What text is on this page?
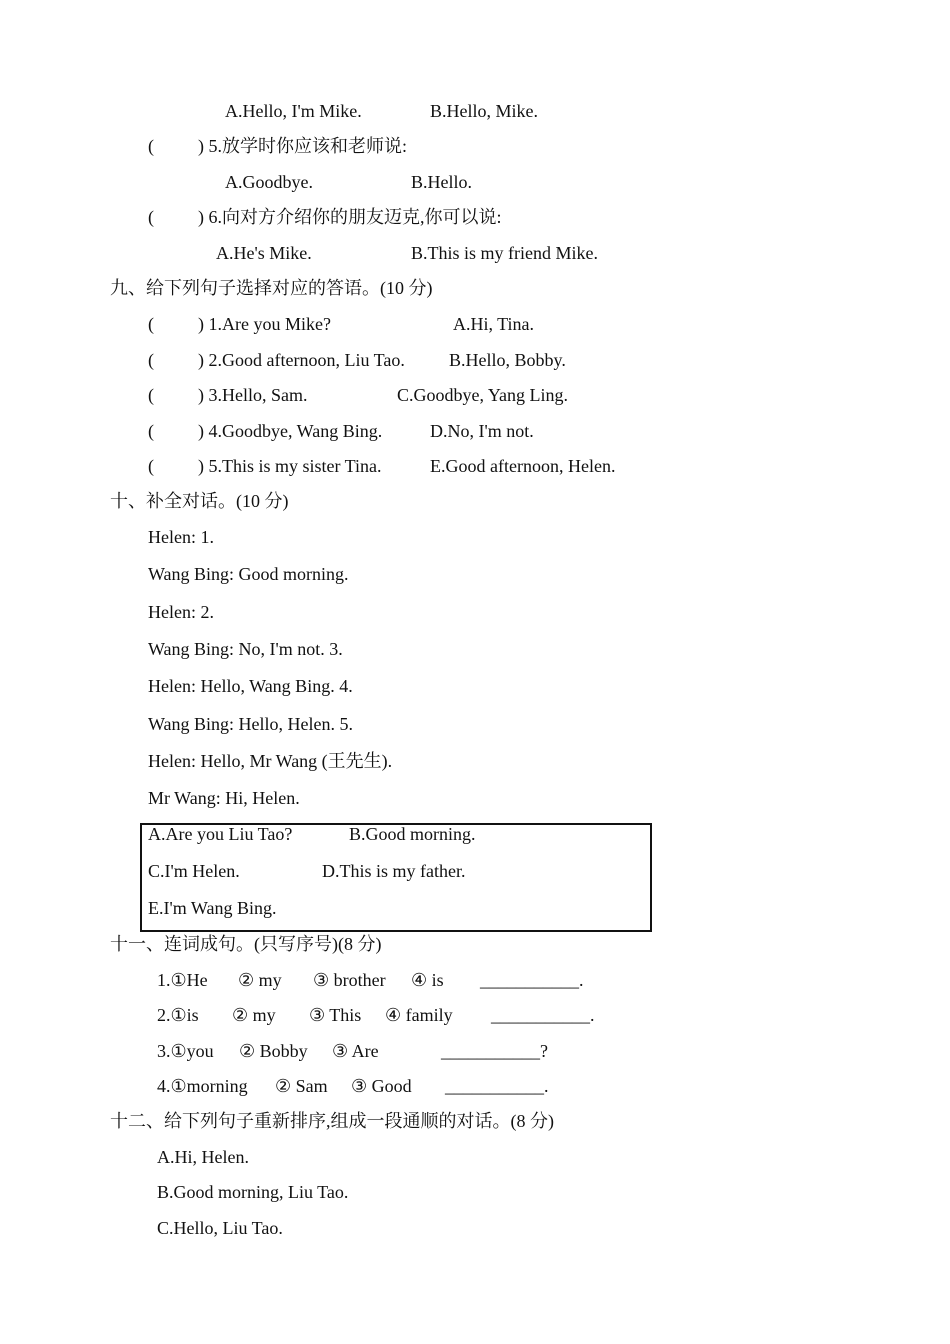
A.Hello, I'm Mike.	B.Hello, Mike.
( ) 5.放学时你应该和老师说:
A.Goodbye.	B.Hello.
( ) 6.向对方介绍你的朋友迈克,你可以说:
A.He's Mike.	B.This is my friend Mike.
九、给下列句子选择对应的答语。(10 分)
( ) 1.Are you Mike?	A.Hi, Tina.
( ) 2.Good afternoon, Liu Tao. B.Hello, Bobby.
( ) 3.Hello, Sam.	C.Goodbye, Yang Ling.
( ) 4.Goodbye, Wang Bing.	D.No, I'm not.
( ) 5.This is my sister Tina.	E.Good afternoon, Helen.
十、补全对话。(10 分)
Helen: 1.
Wang Bing: Good morning.
Helen: 2.
Wang Bing: No, I'm not. 3.
Helen: Hello, Wang Bing. 4.
Wang Bing: Hello, Helen. 5.
Helen: Hello, Mr Wang (王先生).
Mr Wang: Hi, Helen.
A.Are you Liu Tao?	B.Good morning.
C.I'm Helen.	D.This is my father.
E.I'm Wang Bing.
十一、连词成句。(只写序号)(8 分)
1.①He ② my ③ brother ④ is ___________.
2.①is ② my ③ This ④ family ___________.
3.①you ② Bobby ③ Are	___________?
4.①morning ② Sam ③ Good ___________.
十二、给下列句子重新排序,组成一段通顺的对话。(8 分)
A.Hi, Helen.
B.Good morning, Liu Tao.
C.Hello, Liu Tao.
